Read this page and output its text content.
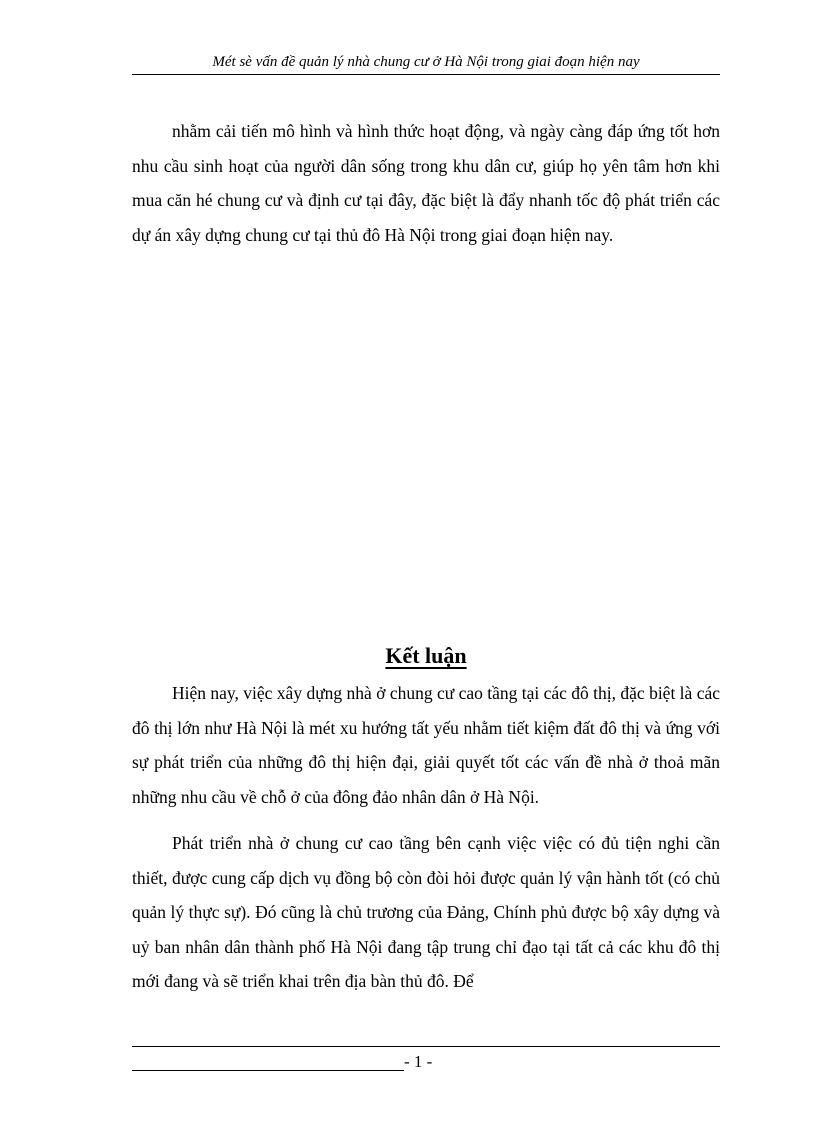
Mét sè vấn đề quản lý nhà chung cư ở Hà Nội trong giai đoạn hiện nay

nhằm cải tiến mô hình và hình thức hoạt động, và ngày càng đáp ứng tốt hơn nhu cầu sinh hoạt của người dân sống trong khu dân cư, giúp họ yên tâm hơn khi mua căn hé chung cư và định cư tại đây, đặc biệt là đẩy nhanh tốc độ phát triển các dự án xây dựng chung cư tại thủ đô Hà Nội trong giai đoạn hiện nay.

Kết luận

Hiện nay, việc xây dựng nhà ở chung cư cao tầng tại các đô thị, đặc biệt là các đô thị lớn như Hà Nội là mét xu hướng tất yếu nhằm tiết kiệm đất đô thị và ứng với sự phát triển của những đô thị hiện đại, giải quyết tốt các vấn đề nhà ở thoả mãn những nhu cầu về chỗ ở của đông đảo nhân dân ở Hà Nội.

Phát triển nhà ở chung cư cao tầng bên cạnh việc việc có đủ tiện nghi cần thiết, được cung cấp dịch vụ đồng bộ còn đòi hỏi được quản lý vận hành tốt (có chủ quản lý thực sự). Đó cũng là chủ trương của Đảng, Chính phủ được bộ xây dựng và uỷ ban nhân dân thành phố Hà Nội đang tập trung chỉ đạo tại tất cả các khu đô thị mới đang và sẽ triển khai trên địa bàn thủ đô. Để

- 1 -
